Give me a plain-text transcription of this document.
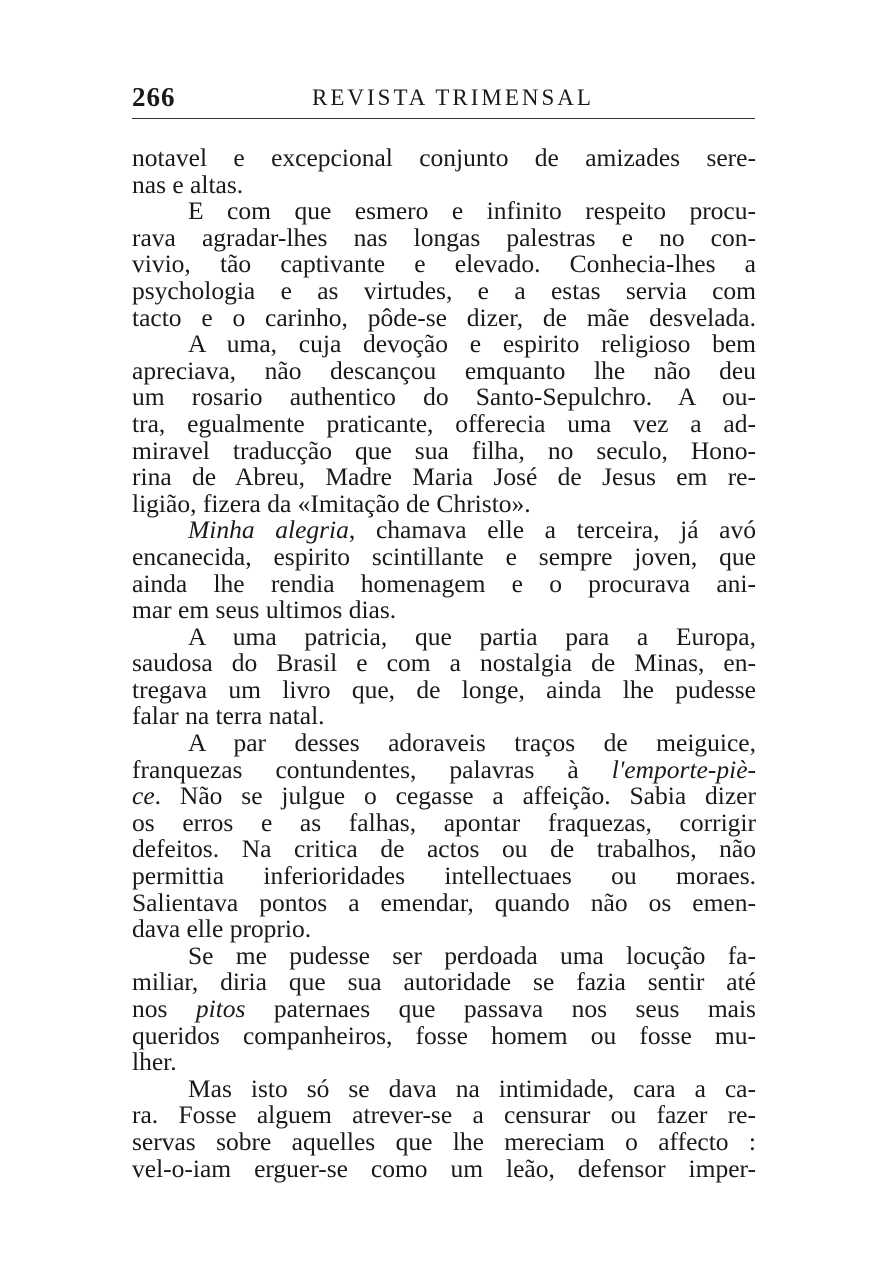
266	REVISTA TRIMENSAL
notavel e excepcional conjunto de amizades sere-
nas e altas.
E com que esmero e infinito respeito procu-
rava agradar-lhes nas longas palestras e no con-
vivio, tão captivante e elevado. Conhecia-lhes a
psychologia e as virtudes, e a estas servia com
tacto e o carinho, pôde-se dizer, de mãe desvelada.
A uma, cuja devoção e espirito religioso bem
apreciava, não descançou emquanto lhe não deu
um rosario authentico do Santo-Sepulchro. A ou-
tra, egualmente praticante, offerecia uma vez a ad-
miravel traducção que sua filha, no seculo, Hono-
rina de Abreu, Madre Maria José de Jesus em re-
ligião, fizera da «Imitação de Christo».
Minha alegria, chamava elle a terceira, já avó
encanecida, espirito scintillante e sempre joven, que
ainda lhe rendia homenagem e o procurava ani-
mar em seus ultimos dias.
A uma patricia, que partia para a Europa,
saudosa do Brasil e com a nostalgia de Minas, en-
tregava um livro que, de longe, ainda lhe pudesse
falar na terra natal.
A par desses adoraveis traços de meiguice,
franquezas contundentes, palavras à l'emporte-piè-
ce. Não se julgue o cegasse a affeição. Sabia dizer
os erros e as falhas, apontar fraquezas, corrigir
defeitos. Na critica de actos ou de trabalhos, não
permittia inferioridades intellectuaes ou moraes.
Salientava pontos a emendar, quando não os emen-
dava elle proprio.
Se me pudesse ser perdoada uma locução fa-
miliar, diria que sua autoridade se fazia sentir até
nos pitos paternaes que passava nos seus mais
queridos companheiros, fosse homem ou fosse mu-
lher.
Mas isto só se dava na intimidade, cara a ca-
ra. Fosse alguem atrever-se a censurar ou fazer re-
servas sobre aquelles que lhe mereciam o affecto :
vel-o-iam erguer-se como um leão, defensor imper-
